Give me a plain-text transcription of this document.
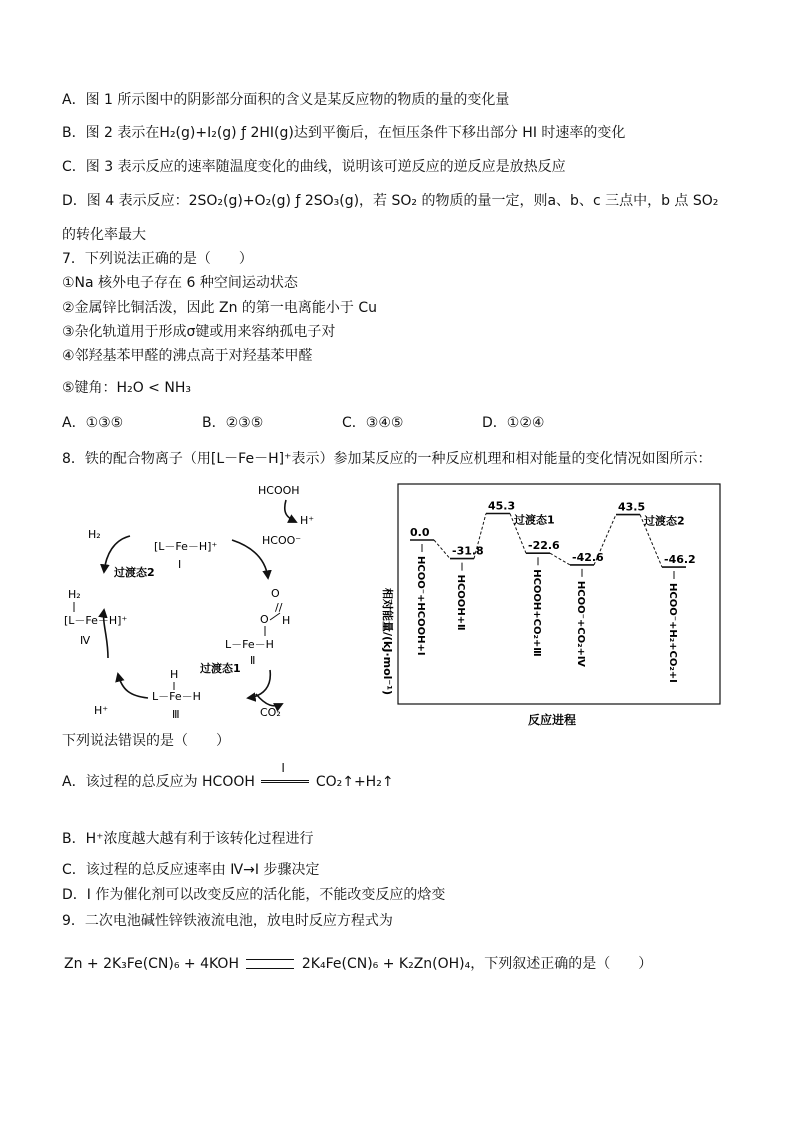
A．图 1 所示图中的阴影部分面积的含义是某反应物的物质的量的变化量
B．图 2 表示在H₂(g)+I₂(g) ƒ 2HI(g)达到平衡后，在恒压条件下移出部分 HI 时速率的变化
C．图 3 表示反应的速率随温度变化的曲线，说明该可逆反应的逆反应是放热反应
D．图 4 表示反应：2SO₂(g)+O₂(g) ƒ 2SO₃(g)，若 SO₂ 的物质的量一定，则a、b、c 三点中，b 点 SO₂
的转化率最大
7．下列说法正确的是（　　）
①Na 核外电子存在 6 种空间运动状态
②金属锌比铜活泼，因此 Zn 的第一电离能小于 Cu
③杂化轨道用于形成σ键或用来容纳孤电子对
④邻羟基苯甲醛的沸点高于对羟基苯甲醛
⑤键角：H₂O < NH₃
A．①③⑤	B．②③⑤	C．③④⑤	D．①②④
8．铁的配合物离子（用[L－Fe－H]⁺表示）参加某反应的一种反应机理和相对能量的变化情况如图所示：
HCOOH
H⁺
HCOO⁻
H₂
[L－Fe－H]⁺
Ⅰ
过渡态2
O
//
O H
L－Fe－H
Ⅱ
H₂
[L－Fe－H]⁺
Ⅳ
过渡态1
H
L－Fe－H
Ⅲ
H⁺	CO₂
相对能量/(kJ·mol⁻¹)
反应进程
0.0
HCOO⁻+HCOOH+Ⅰ
-31.8
HCOOH+Ⅱ
45.3
过渡态1
-22.6
HCOOH+CO₂+Ⅲ
-42.6
HCOO⁻+CO₂+Ⅳ
43.5
过渡态2
-46.2
HCOO⁻+H₂+CO₂+Ⅰ
下列说法错误的是（　　）
A．该过程的总反应为 HCOOH
I
CO₂↑+H₂↑
B．H⁺浓度越大越有利于该转化过程进行
C．该过程的总反应速率由 Ⅳ→Ⅰ 步骤决定
D．Ⅰ 作为催化剂可以改变反应的活化能，不能改变反应的焓变
9．二次电池碱性锌铁液流电池，放电时反应方程式为
Zn + 2K₃Fe(CN)₆ + 4KOH	2K₄Fe(CN)₆ + K₂Zn(OH)₄，下列叙述正确的是（　　）
